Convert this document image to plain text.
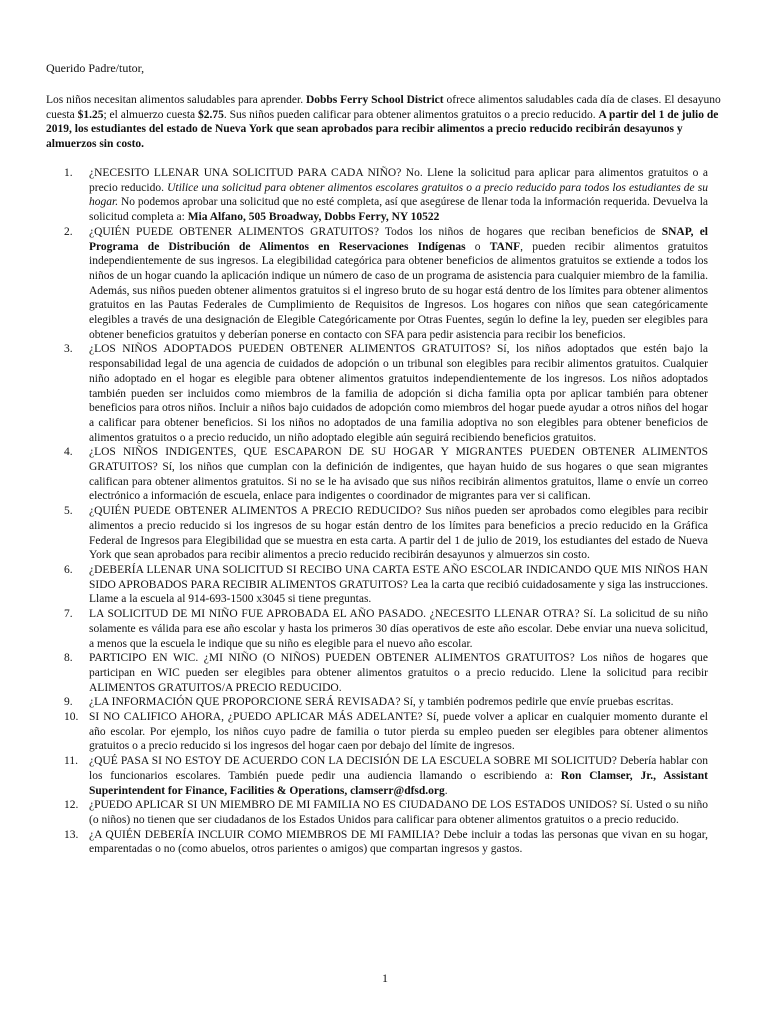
Querido Padre/tutor,

Los niños necesitan alimentos saludables para aprender. Dobbs Ferry School District ofrece alimentos saludables cada día de clases. El desayuno cuesta $1.25; el almuerzo cuesta $2.75. Sus niños pueden calificar para obtener alimentos gratuitos o a precio reducido. A partir del 1 de julio de 2019, los estudiantes del estado de Nueva York que sean aprobados para recibir alimentos a precio reducido recibirán desayunos y almuerzos sin costo.

1.	¿NECESITO LLENAR UNA SOLICITUD PARA CADA NIÑO? No. Llene la solicitud para aplicar para alimentos gratuitos o a precio reducido. Utilice una solicitud para obtener alimentos escolares gratuitos o a precio reducido para todos los estudiantes de su hogar. No podemos aprobar una solicitud que no esté completa, así que asegúrese de llenar toda la información requerida. Devuelva la solicitud completa a: Mia Alfano, 505 Broadway, Dobbs Ferry, NY 10522
2.	¿QUIÉN PUEDE OBTENER ALIMENTOS GRATUITOS? Todos los niños de hogares que reciban beneficios de SNAP, el Programa de Distribución de Alimentos en Reservaciones Indígenas o TANF, pueden recibir alimentos gratuitos independientemente de sus ingresos. La elegibilidad categórica para obtener beneficios de alimentos gratuitos se extiende a todos los niños de un hogar cuando la aplicación indique un número de caso de un programa de asistencia para cualquier miembro de la familia. Además, sus niños pueden obtener alimentos gratuitos si el ingreso bruto de su hogar está dentro de los límites para obtener alimentos gratuitos en las Pautas Federales de Cumplimiento de Requisitos de Ingresos. Los hogares con niños que sean categóricamente elegibles a través de una designación de Elegible Categóricamente por Otras Fuentes, según lo define la ley, pueden ser elegibles para obtener beneficios gratuitos y deberían ponerse en contacto con SFA para pedir asistencia para recibir los beneficios.
3.	¿LOS NIÑOS ADOPTADOS PUEDEN OBTENER ALIMENTOS GRATUITOS? Sí, los niños adoptados que estén bajo la responsabilidad legal de una agencia de cuidados de adopción o un tribunal son elegibles para recibir alimentos gratuitos. Cualquier niño adoptado en el hogar es elegible para obtener alimentos gratuitos independientemente de los ingresos. Los niños adoptados también pueden ser incluidos como miembros de la familia de adopción si dicha familia opta por aplicar también para obtener beneficios para otros niños. Incluir a niños bajo cuidados de adopción como miembros del hogar puede ayudar a otros niños del hogar a calificar para obtener beneficios. Si los niños no adoptados de una familia adoptiva no son elegibles para obtener beneficios de alimentos gratuitos o a precio reducido, un niño adoptado elegible aún seguirá recibiendo beneficios gratuitos.
4.	¿LOS NIÑOS INDIGENTES, QUE ESCAPARON DE SU HOGAR Y MIGRANTES PUEDEN OBTENER ALIMENTOS GRATUITOS? Sí, los niños que cumplan con la definición de indigentes, que hayan huido de sus hogares o que sean migrantes califican para obtener alimentos gratuitos. Si no se le ha avisado que sus niños recibirán alimentos gratuitos, llame o envíe un correo electrónico a información de escuela, enlace para indigentes o coordinador de migrantes para ver si califican.
5.	¿QUIÉN PUEDE OBTENER ALIMENTOS A PRECIO REDUCIDO? Sus niños pueden ser aprobados como elegibles para recibir alimentos a precio reducido si los ingresos de su hogar están dentro de los límites para beneficios a precio reducido en la Gráfica Federal de Ingresos para Elegibilidad que se muestra en esta carta. A partir del 1 de julio de 2019, los estudiantes del estado de Nueva York que sean aprobados para recibir alimentos a precio reducido recibirán desayunos y almuerzos sin costo.
6.	¿DEBERÍA LLENAR UNA SOLICITUD SI RECIBO UNA CARTA ESTE AÑO ESCOLAR INDICANDO QUE MIS NIÑOS HAN SIDO APROBADOS PARA RECIBIR ALIMENTOS GRATUITOS? Lea la carta que recibió cuidadosamente y siga las instrucciones. Llame a la escuela al 914-693-1500 x3045 si tiene preguntas.
7.	LA SOLICITUD DE MI NIÑO FUE APROBADA EL AÑO PASADO. ¿NECESITO LLENAR OTRA? Sí. La solicitud de su niño solamente es válida para ese año escolar y hasta los primeros 30 días operativos de este año escolar. Debe enviar una nueva solicitud, a menos que la escuela le indique que su niño es elegible para el nuevo año escolar.
8.	PARTICIPO EN WIC. ¿MI NIÑO (O NIÑOS) PUEDEN OBTENER ALIMENTOS GRATUITOS? Los niños de hogares que participan en WIC pueden ser elegibles para obtener alimentos gratuitos o a precio reducido. Llene la solicitud para recibir ALIMENTOS GRATUITOS/A PRECIO REDUCIDO.
9.	¿LA INFORMACIÓN QUE PROPORCIONE SERÁ REVISADA? Sí, y también podremos pedirle que envíe pruebas escritas.
10. SI NO CALIFICO AHORA, ¿PUEDO APLICAR MÁS ADELANTE? Sí, puede volver a aplicar en cualquier momento durante el año escolar. Por ejemplo, los niños cuyo padre de familia o tutor pierda su empleo pueden ser elegibles para obtener alimentos gratuitos o a precio reducido si los ingresos del hogar caen por debajo del límite de ingresos.
11. ¿QUÉ PASA SI NO ESTOY DE ACUERDO CON LA DECISIÓN DE LA ESCUELA SOBRE MI SOLICITUD? Debería hablar con los funcionarios escolares. También puede pedir una audiencia llamando o escribiendo a: Ron Clamser, Jr., Assistant Superintendent for Finance, Facilities & Operations, clamserr@dfsd.org.
12. ¿PUEDO APLICAR SI UN MIEMBRO DE MI FAMILIA NO ES CIUDADANO DE LOS ESTADOS UNIDOS? Sí. Usted o su niño (o niños) no tienen que ser ciudadanos de los Estados Unidos para calificar para obtener alimentos gratuitos o a precio reducido.
13. ¿A QUIÉN DEBERÍA INCLUIR COMO MIEMBROS DE MI FAMILIA? Debe incluir a todas las personas que vivan en su hogar, emparentadas o no (como abuelos, otros parientes o amigos) que compartan ingresos y gastos.
1
